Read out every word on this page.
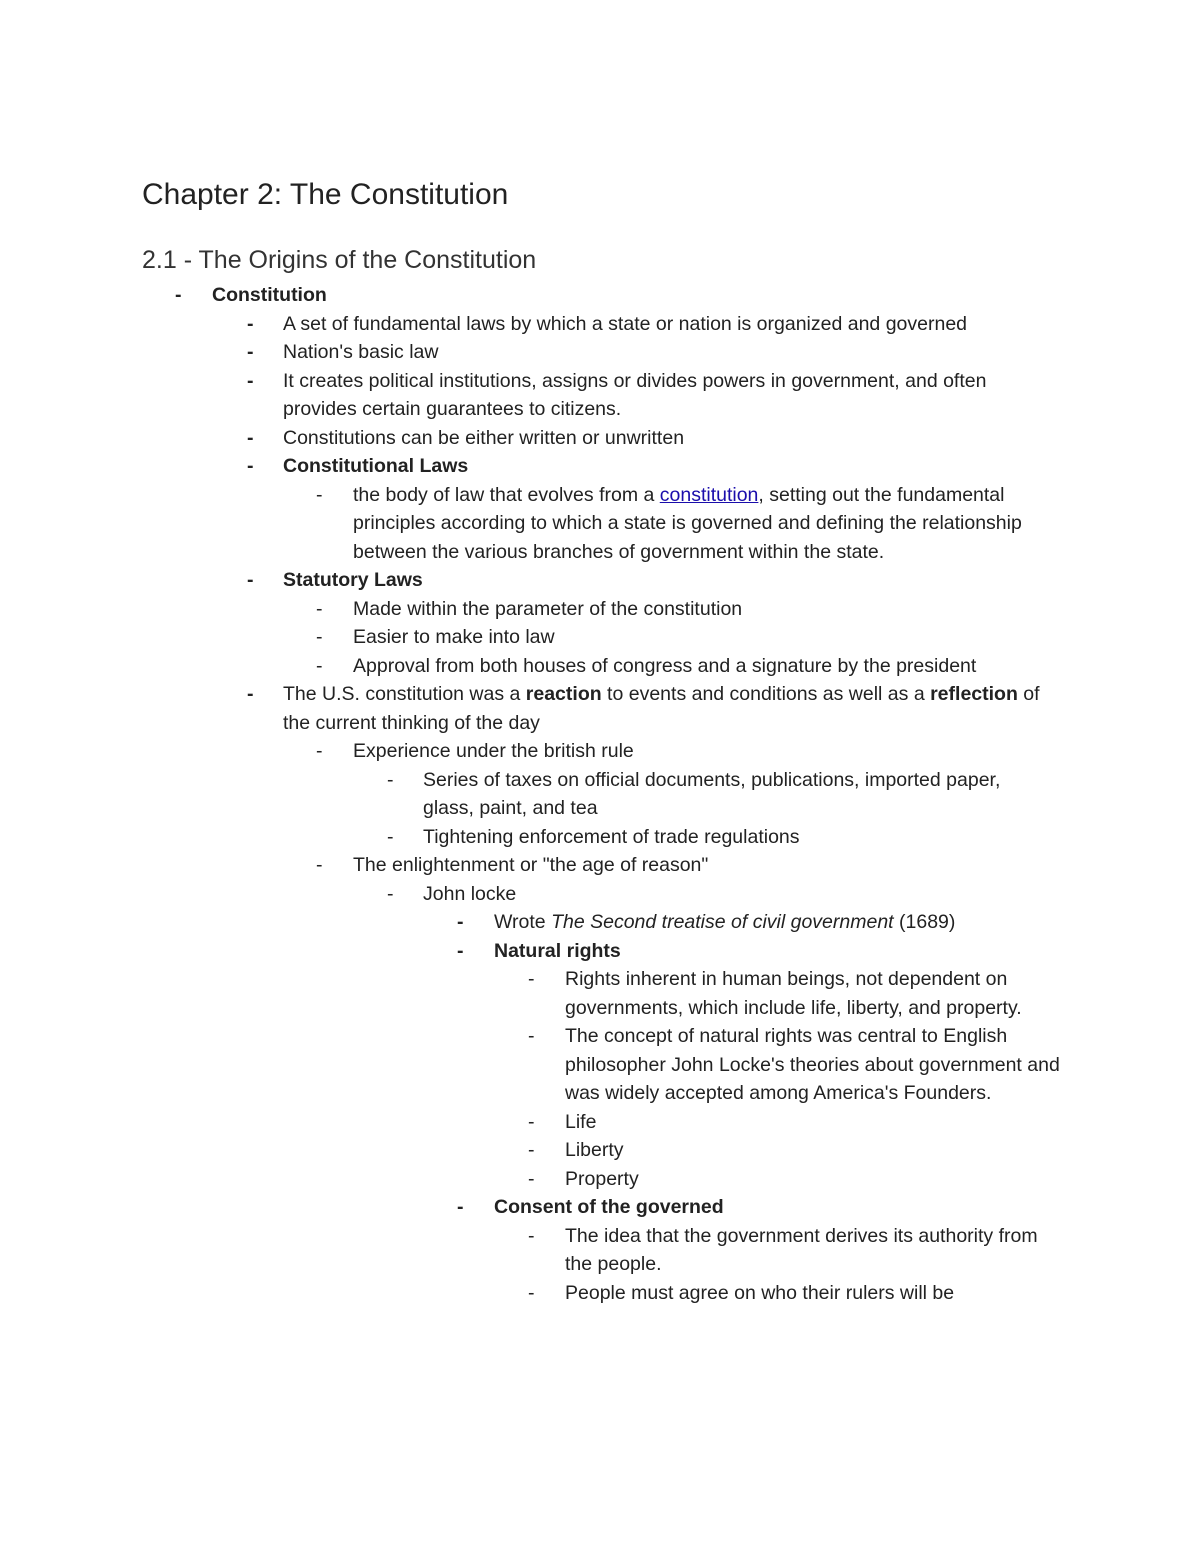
Chapter 2: The Constitution
2.1 - The Origins of the Constitution
-	Constitution
-	A set of fundamental laws by which a state or nation is organized and governed
-	Nation's basic law
-	It creates political institutions, assigns or divides powers in government, and often provides certain guarantees to citizens.
-	Constitutions can be either written or unwritten
-	Constitutional Laws
-	the body of law that evolves from a constitution, setting out the fundamental principles according to which a state is governed and defining the relationship between the various branches of government within the state.
-	Statutory Laws
-	Made within the parameter of the constitution
-	Easier to make into law
-	Approval from both houses of congress and a signature by the president
-	The U.S. constitution was a reaction to events and conditions as well as a reflection of the current thinking of the day
-	Experience under the british rule
-	Series of taxes on official documents, publications, imported paper, glass, paint, and tea
-	Tightening enforcement of trade regulations
-	The enlightenment or "the age of reason"
-	John locke
-	Wrote The Second treatise of civil government (1689)
-	Natural rights
-	Rights inherent in human beings, not dependent on governments, which include life, liberty, and property.
-	The concept of natural rights was central to English philosopher John Locke's theories about government and was widely accepted among America's Founders.
-	Life
-	Liberty
-	Property
-	Consent of the governed
-	The idea that the government derives its authority from the people.
-	People must agree on who their rulers will be
